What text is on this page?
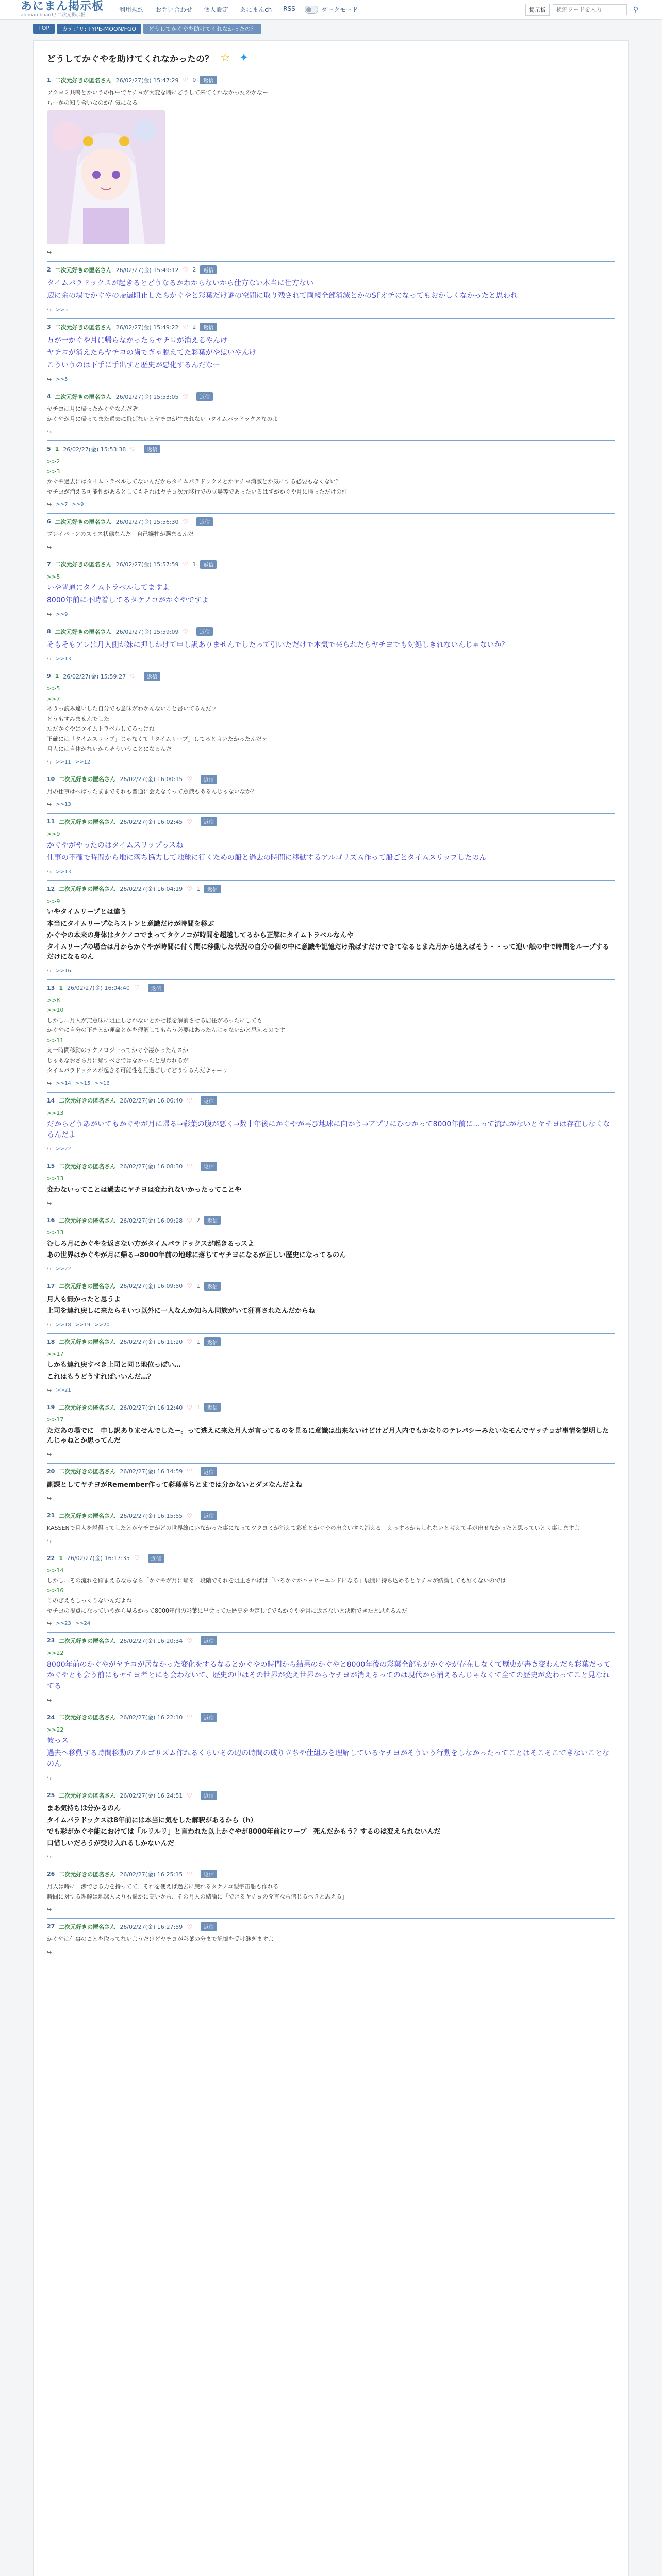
あにまん掲示板
animan board / 二次元掲示板
利用規約 お問い合わせ 個人設定 あにまんch RSS	ダークモード	掲示板
検索ワードを入力	⚲
TOP	カテゴリ: TYPE-MOON/FGO	どうしてかぐやを助けてくれなかったの？
どうしてかぐやを助けてくれなかったの？ ☆ ✦
1 二次元好きの匿名さん 26/02/27(金) 15:47:29 ♡ 0	返信

ツクヨミ共鳴とかいうの作中でヤチヨが大変な時にどうして来てくれなかったのかなー

ちーかの知り合いなのか？気になる

↪
2 二次元好きの匿名さん 26/02/27(金) 15:49:12 ♡ 2	返信

タイムパラドックスが起きるとどうなるかわからないから仕方ない本当に仕方ない

辺に余の場でかぐやの帰還阻止したらかぐやと彩葉だけ謎の空間に取り残されて両親全部消滅とかのSFオチになってもおかしくなかったと思われ

↪ >>5
3 二次元好きの匿名さん 26/02/27(金) 15:49:22 ♡ 2	返信

万が一かぐや月に帰らなかったらヤチヨが消えるやんけ

ヤチヨが消えたらヤチヨの歯でぎゃ脱えてた彩葉がやばいやんけ

こういうのは下手に手出すと歴史が悪化するんだなー

↪ >>5
4 二次元好きの匿名さん 26/02/27(金) 15:53:05 ♡	返信

ヤチヨは月に帰ったかぐやなんだぞ

かぐやが月に帰ってまた過去に飛ばないとヤチヨが生まれない→タイムパラドックスなのよ

↪
5 1 26/02/27(金) 15:53:38 ♡	返信

>>2

>>3

かぐや過去にはタイムトラベルしてないんだからタイムパラドックスとかヤチヨ消滅とか気にする必要もなくない？

ヤチヨが消える可能性があるとしてもそれはヤチヨ次元移行での立場等であったいるはずがかぐや月に帰っただけの件

↪ >>7 >>9
6 二次元好きの匿名さん 26/02/27(金) 15:56:30 ♡	返信

ブレイバーンのスミス状態なんだ　自己犠牲が選まるんだ

↪
7 二次元好きの匿名さん 26/02/27(金) 15:57:59 ♡ 1	返信

>>5

いや普通にタイムトラベルしてますよ

8000年前に不時着してるタケノコがかぐやですよ

↪ >>9
8 二次元好きの匿名さん 26/02/27(金) 15:59:09 ♡	返信

そもそもアレは月人側が妹に押しかけて申し訳ありませんでしたって引いただけで本気で来られたらヤチヨでも対処しきれないんじゃないか？

↪ >>13
9 1 26/02/27(金) 15:59:27 ♡	返信

>>5

>>7

あうっ読み違いした自分でも意味がわかんないこと書いてるんだァ

どうもすみませんでした

ただかぐやはタイムトラベルしてるっけね

正確には「タイムスリップ」じゃなくて「タイムリープ」してると言いたかったんだァ

月人には自体がないからそういうことになるんだ

↪ >>11 >>12
10 二次元好きの匿名さん 26/02/27(金) 16:00:15 ♡	返信

月の仕事はへばったままでそれも普通に会えなくって意識もあるんじゃないなか？

↪ >>13
11 二次元好きの匿名さん 26/02/27(金) 16:02:45 ♡	返信

>>9

かぐやがやったのはタイムスリップっスね

仕事の不確で時間から地に落ち協力して地球に行くための船と過去の時間に移動するアルゴリズム作って船ごとタイムスリップしたのん

↪ >>13
12 二次元好きの匿名さん 26/02/27(金) 16:04:19 ♡ 1	返信

>>9

いやタイムリープとは違う

本当にタイムリープならストンと意識だけが時間を移ぶ

かぐやの本来の身体はタケノコでまってタケノコが時間を超越してるから正解にタイムトラベルなんや

タイムリープの場合は月からかぐやが時間に付く間に移動した状況の自分の個の中に意識や記憶だけ飛ばすだけできてなるとまた月から追えばそう・・って迎い触の中で時間をループするだけになるのん

↪ >>16
13 1 26/02/27(金) 16:04:40 ♡	返信

>>8

>>10

しかし…月人が無意味に阻止しきれないとかせ様を解消させる居住があったにしても

かぐやに自分の正確とか運命とかを理解してもらう必要はあったんじゃないかと思えるのです

>>11

え一時間移動のテクノロジーってかぐや凄かったんスか

じゃあなおさら月に帰すべきではなかったと思われるが

タイムパラドックスが起きる可能性を見過ごしてどうするんだよォーッ

↪ >>14 >>15 >>16
14 二次元好きの匿名さん 26/02/27(金) 16:06:40 ♡	返信

>>13

だからどうあがいてもかぐやが月に帰る→彩葉の腹が悪く→数十年後にかぐやが再び地球に向かう→アプリにひつかって8000年前に…って流れがないとヤチヨは存在しなくなるんだよ

↪ >>22
15 二次元好きの匿名さん 26/02/27(金) 16:08:30 ♡	返信

>>13

変わないってことは過去にヤチヨは変われないかったってことや

↪
16 二次元好きの匿名さん 26/02/27(金) 16:09:28 ♡ 2	返信

>>13

むしろ月にかぐやを返さない方がタイムパラドックスが起きるっスよ

あの世界はかぐやが月に帰る→8000年前の地球に落ちてヤチヨになるが正しい歴史になってるのん

↪ >>22
17 二次元好きの匿名さん 26/02/27(金) 16:09:50 ♡ 1	返信

月人も無かったと思うよ

上司を連れ戻しに来たらそいつ以外に一人なんか知らん同族がいて狂喜されたんだからね

↪ >>18 >>19 >>20
18 二次元好きの匿名さん 26/02/27(金) 16:11:20 ♡ 1	返信

>>17

しかも連れ戻すべき上司と同じ地位っぽい…

これはもうどうすればいいんだ…？

↪ >>21
19 二次元好きの匿名さん 26/02/27(金) 16:12:40 ♡ 1	返信

>>17

ただあの場でに　申し訳ありませんでしたー。って逃えに来た月人が言ってるのを見るに意識は出来ないけどけど月人内でもかなりのテレパシーみたいなモんでヤッチョが事情を説明したんじゃねとか思ってんだ

↪
20 二次元好きの匿名さん 26/02/27(金) 16:14:59 ♡	返信

副課としてヤチヨがRemember作って彩葉落ちとまでは分かないとダメなんだよね

↪
21 二次元好きの匿名さん 26/02/27(金) 16:15:55 ♡	返信

KASSENで月人を説得ってしたとかヤチヨがどの世界線にいなかった事になってツクヨミが消えて彩葉とかぐやの出会いすら消える　えっするかもしれないと考えて手が出せなかったと思っていとく事しますよ

↪
22 1 26/02/27(金) 16:17:35 ♡	返信

>>14

しかし…その流れを踏まえるならなら「かぐやが月に帰る」段階でそれを阻止さればは「いろかぐがハッピーエンドになる」展開に持ち込めるとヤチヨが結論しても好くないのでは

>>16

このぎえもしっくりないんだよね

ヤチヨの視点になっていうから見るかって8000年前の彩葉に出会ってた歴史を否定してでもかぐやを月に返さないと決断できたと思えるんだ

↪ >>23 >>24
23 二次元好きの匿名さん 26/02/27(金) 16:20:34 ♡	返信

>>22

8000年前のかぐやがヤチヨが居なかった変化をするなるとかぐやの時間から結果のかぐやと8000年後の彩葉全部もがかぐやが存在しなくて歴史が書き変わんだら彩葉だってかぐやとも会う前にもヤチヨ者とにも会わないて、歴史の中はその世界が変え世界からヤチヨが消えるってのは現代から消えるんじゃなくて全ての歴史が変わってこと見なれてる

↪
24 二次元好きの匿名さん 26/02/27(金) 16:22:10 ♡	返信

>>22

彼っス

過去へ移動する時間移動のアルゴリズム作れるくらいその辺の時間の成り立ちや仕組みを理解しているヤチヨがそういう行動をしなかったってことはそこそこできないことなのん

↪
25 二次元好きの匿名さん 26/02/27(金) 16:24:51 ♡	返信

まあ気持ちは分かるのん

タイムパラドックスは8年前には本当に気をした解釈があるから（h）

でも彩がかぐや能におけては「ルリルリ」と言われた以上かぐやが8000年前にワープ　死んだかもう？するのは変えられないんだ

口惜しいだろうが受け入れるしかないんだ

↪
26 二次元好きの匿名さん 26/02/27(金) 16:25:15 ♡	返信

月人は時に干渉できる力を持ってて、それを使えば過去に戻れるタケノコ型宇宙船も作れる

時間に対する理解は地球人よりも遥かに高いから、その月人の結論に「できるヤチヨの発言なら信じるべきと思える」

↪
27 二次元好きの匿名さん 26/02/27(金) 16:27:59 ♡	返信

かぐやは仕事のことを取ってないようだけどヤチヨが彩葉の分まで記憶を受け継ぎますよ

↪
